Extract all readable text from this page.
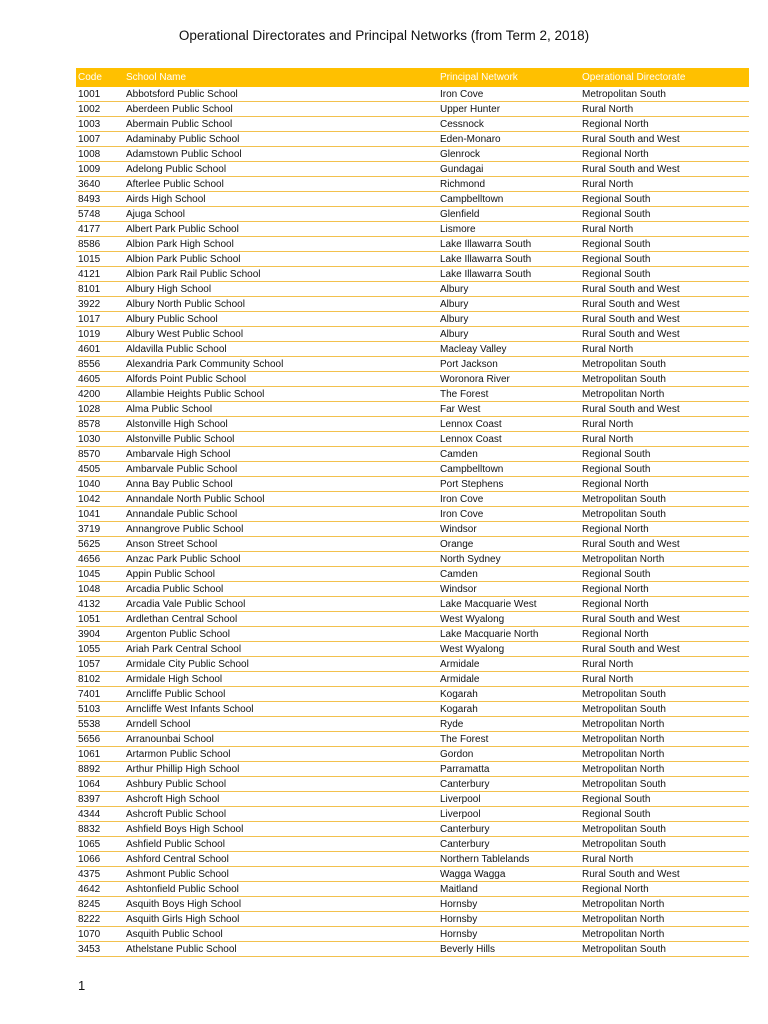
Operational Directorates and Principal Networks (from Term 2, 2018)
Code	School Name	Principal Network	Operational Directorate
1001	Abbotsford Public School	Iron Cove	Metropolitan South
1002	Aberdeen Public School	Upper Hunter	Rural North
1003	Abermain Public School	Cessnock	Regional North
1007	Adaminaby Public School	Eden-Monaro	Rural South and West
1008	Adamstown Public School	Glenrock	Regional North
1009	Adelong Public School	Gundagai	Rural South and West
3640	Afterlee Public School	Richmond	Rural North
8493	Airds High School	Campbelltown	Regional South
5748	Ajuga School	Glenfield	Regional South
4177	Albert Park Public School	Lismore	Rural North
8586	Albion Park High School	Lake Illawarra South	Regional South
1015	Albion Park Public School	Lake Illawarra South	Regional South
4121	Albion Park Rail Public School	Lake Illawarra South	Regional South
8101	Albury High School	Albury	Rural South and West
3922	Albury North Public School	Albury	Rural South and West
1017	Albury Public School	Albury	Rural South and West
1019	Albury West Public School	Albury	Rural South and West
4601	Aldavilla Public School	Macleay Valley	Rural North
8556	Alexandria Park Community School	Port Jackson	Metropolitan South
4605	Alfords Point Public School	Woronora River	Metropolitan South
4200	Allambie Heights Public School	The Forest	Metropolitan North
1028	Alma Public School	Far West	Rural South and West
8578	Alstonville High School	Lennox Coast	Rural North
1030	Alstonville Public School	Lennox Coast	Rural North
8570	Ambarvale High School	Camden	Regional South
4505	Ambarvale Public School	Campbelltown	Regional South
1040	Anna Bay Public School	Port Stephens	Regional North
1042	Annandale North Public School	Iron Cove	Metropolitan South
1041	Annandale Public School	Iron Cove	Metropolitan South
3719	Annangrove Public School	Windsor	Regional North
5625	Anson Street School	Orange	Rural South and West
4656	Anzac Park Public School	North Sydney	Metropolitan North
1045	Appin Public School	Camden	Regional South
1048	Arcadia Public School	Windsor	Regional North
4132	Arcadia Vale Public School	Lake Macquarie West	Regional North
1051	Ardlethan Central School	West Wyalong	Rural South and West
3904	Argenton Public School	Lake Macquarie North	Regional North
1055	Ariah Park Central School	West Wyalong	Rural South and West
1057	Armidale City Public School	Armidale	Rural North
8102	Armidale High School	Armidale	Rural North
7401	Arncliffe Public School	Kogarah	Metropolitan South
5103	Arncliffe West Infants School	Kogarah	Metropolitan South
5538	Arndell School	Ryde	Metropolitan North
5656	Arranounbai School	The Forest	Metropolitan North
1061	Artarmon Public School	Gordon	Metropolitan North
8892	Arthur Phillip High School	Parramatta	Metropolitan North
1064	Ashbury Public School	Canterbury	Metropolitan South
8397	Ashcroft High School	Liverpool	Regional South
4344	Ashcroft Public School	Liverpool	Regional South
8832	Ashfield Boys High School	Canterbury	Metropolitan South
1065	Ashfield Public School	Canterbury	Metropolitan South
1066	Ashford Central School	Northern Tablelands	Rural North
4375	Ashmont Public School	Wagga Wagga	Rural South and West
4642	Ashtonfield Public School	Maitland	Regional North
8245	Asquith Boys High School	Hornsby	Metropolitan North
8222	Asquith Girls High School	Hornsby	Metropolitan North
1070	Asquith Public School	Hornsby	Metropolitan North
3453	Athelstane Public School	Beverly Hills	Metropolitan South
1
